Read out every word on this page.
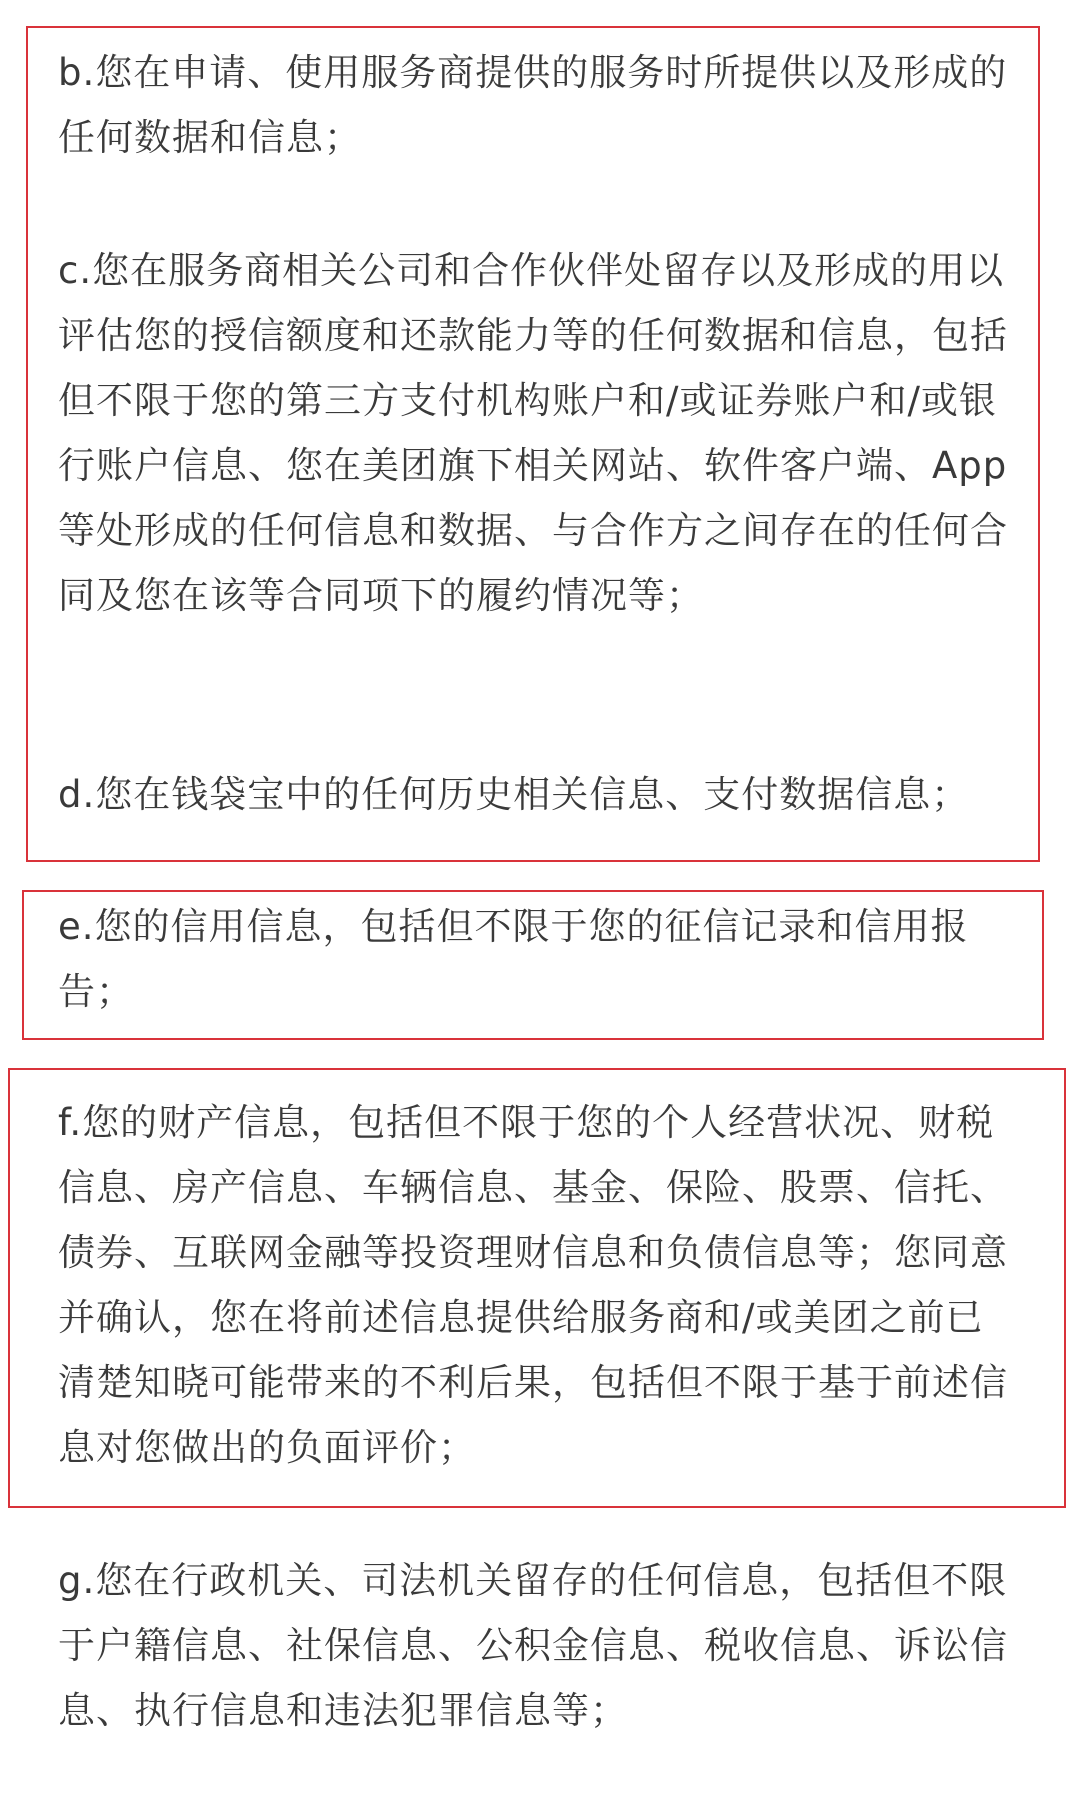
b.您在申请、使用服务商提供的服务时所提供以及形成的任何数据和信息；

c.您在服务商相关公司和合作伙伴处留存以及形成的用以评估您的授信额度和还款能力等的任何数据和信息，包括但不限于您的第三方支付机构账户和/或证券账户和/或银行账户信息、您在美团旗下相关网站、软件客户端、App等处形成的任何信息和数据、与合作方之间存在的任何合同及您在该等合同项下的履约情况等；

d.您在钱袋宝中的任何历史相关信息、支付数据信息；

e.您的信用信息，包括但不限于您的征信记录和信用报告；

f.您的财产信息，包括但不限于您的个人经营状况、财税信息、房产信息、车辆信息、基金、保险、股票、信托、债券、互联网金融等投资理财信息和负债信息等；您同意并确认，您在将前述信息提供给服务商和/或美团之前已清楚知晓可能带来的不利后果，包括但不限于基于前述信息对您做出的负面评价；

g.您在行政机关、司法机关留存的任何信息，包括但不限于户籍信息、社保信息、公积金信息、税收信息、诉讼信息、执行信息和违法犯罪信息等；
